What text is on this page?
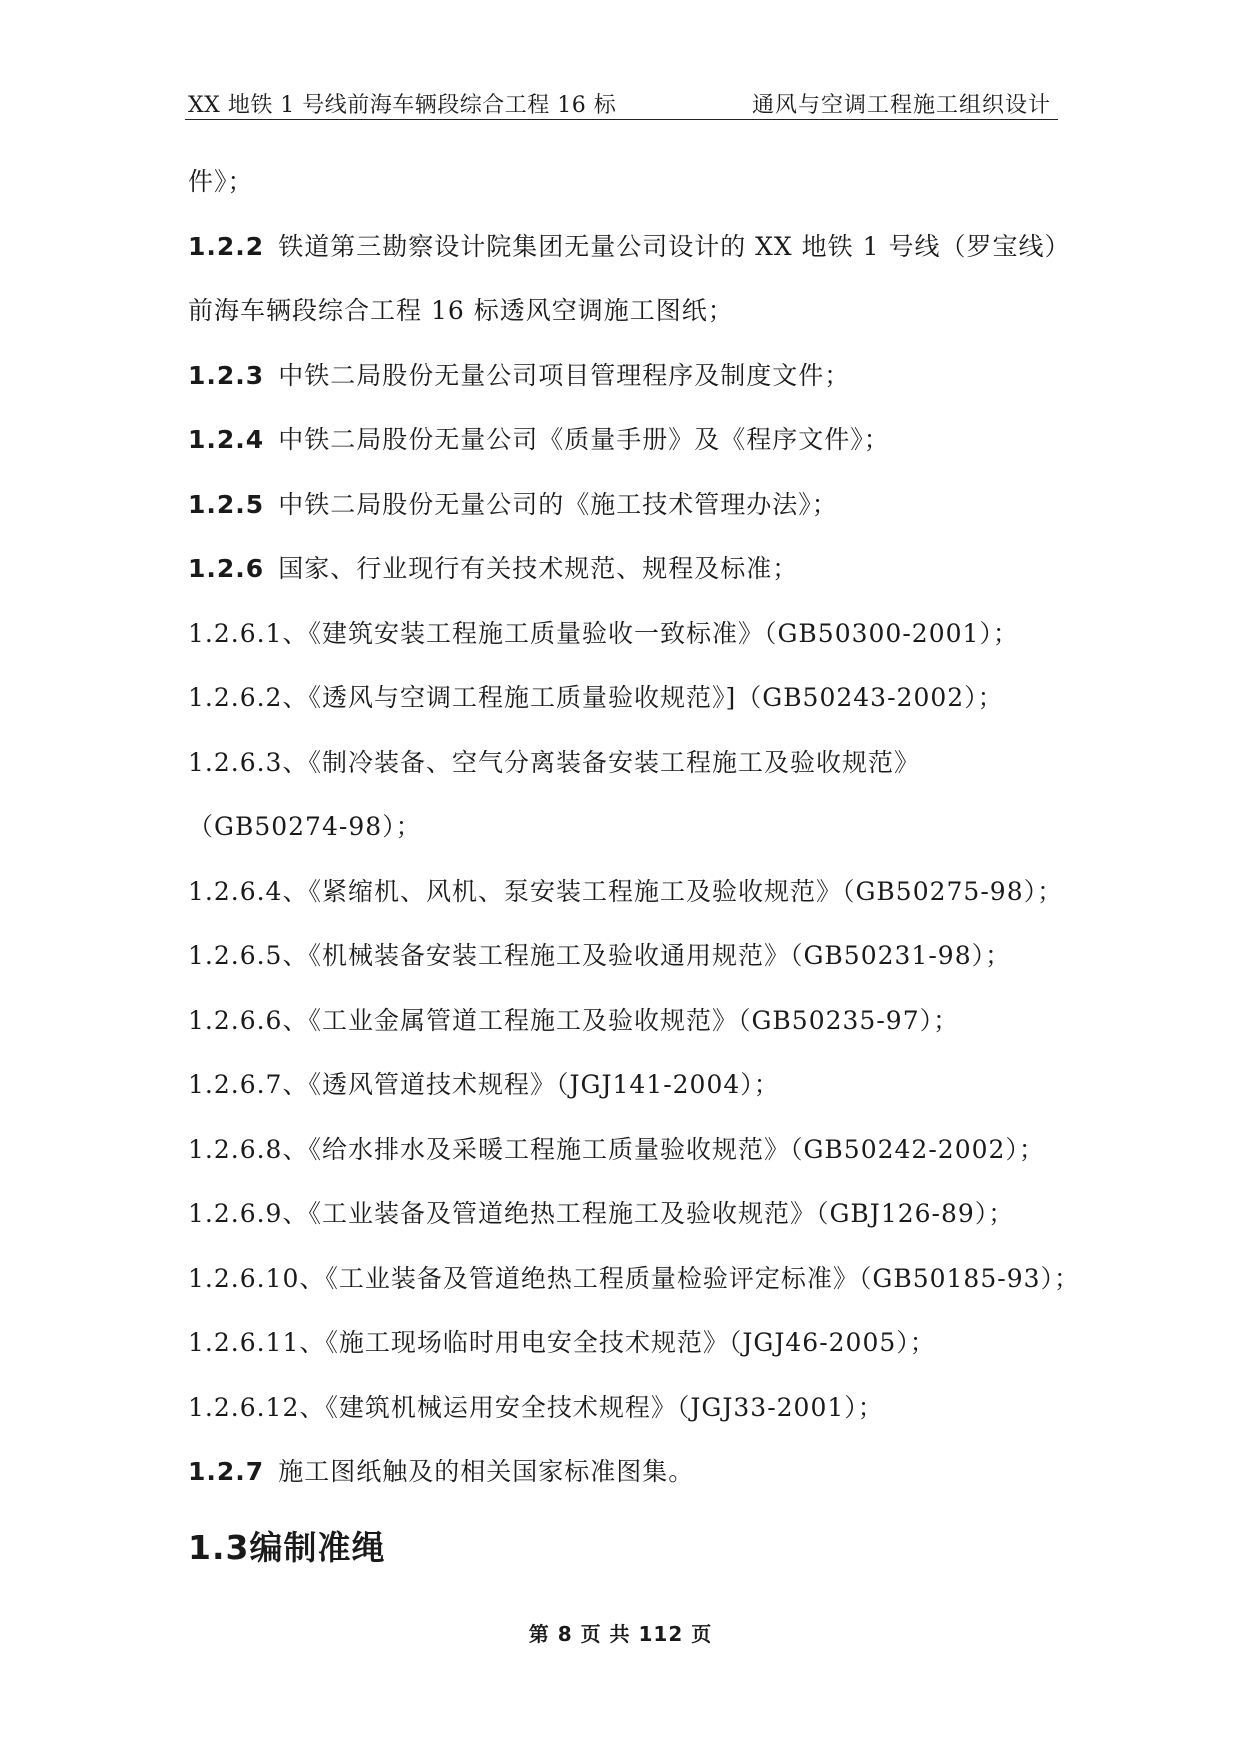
XX 地铁 1 号线前海车辆段综合工程 16 标	通风与空调工程施工组织设计
件》；
1.2.2 铁道第三勘察设计院集团无量公司设计的 XX 地铁 1 号线（罗宝线）
前海车辆段综合工程 16 标透风空调施工图纸；
1.2.3 中铁二局股份无量公司项目管理程序及制度文件；
1.2.4 中铁二局股份无量公司《质量手册》及《程序文件》；
1.2.5 中铁二局股份无量公司的《施工技术管理办法》；
1.2.6 国家、行业现行有关技术规范、规程及标准；
1.2.6.1、《建筑安装工程施工质量验收一致标准》（GB50300-2001）；
1.2.6.2、《透风与空调工程施工质量验收规范》]（GB50243-2002）；
1.2.6.3、《制冷装备、空气分离装备安装工程施工及验收规范》
（GB50274-98）；
1.2.6.4、《紧缩机、风机、泵安装工程施工及验收规范》（GB50275-98）；
1.2.6.5、《机械装备安装工程施工及验收通用规范》（GB50231-98）；
1.2.6.6、《工业金属管道工程施工及验收规范》（GB50235-97）；
1.2.6.7、《透风管道技术规程》（JGJ141-2004）；
1.2.6.8、《给水排水及采暖工程施工质量验收规范》（GB50242-2002）；
1.2.6.9、《工业装备及管道绝热工程施工及验收规范》（GBJ126-89）；
1.2.6.10、《工业装备及管道绝热工程质量检验评定标准》（GB50185-93）；
1.2.6.11、《施工现场临时用电安全技术规范》（JGJ46-2005）；
1.2.6.12、《建筑机械运用安全技术规程》（JGJ33-2001）；
1.2.7 施工图纸触及的相关国家标准图集。
1.3编制准绳
第 8 页 共 112 页
